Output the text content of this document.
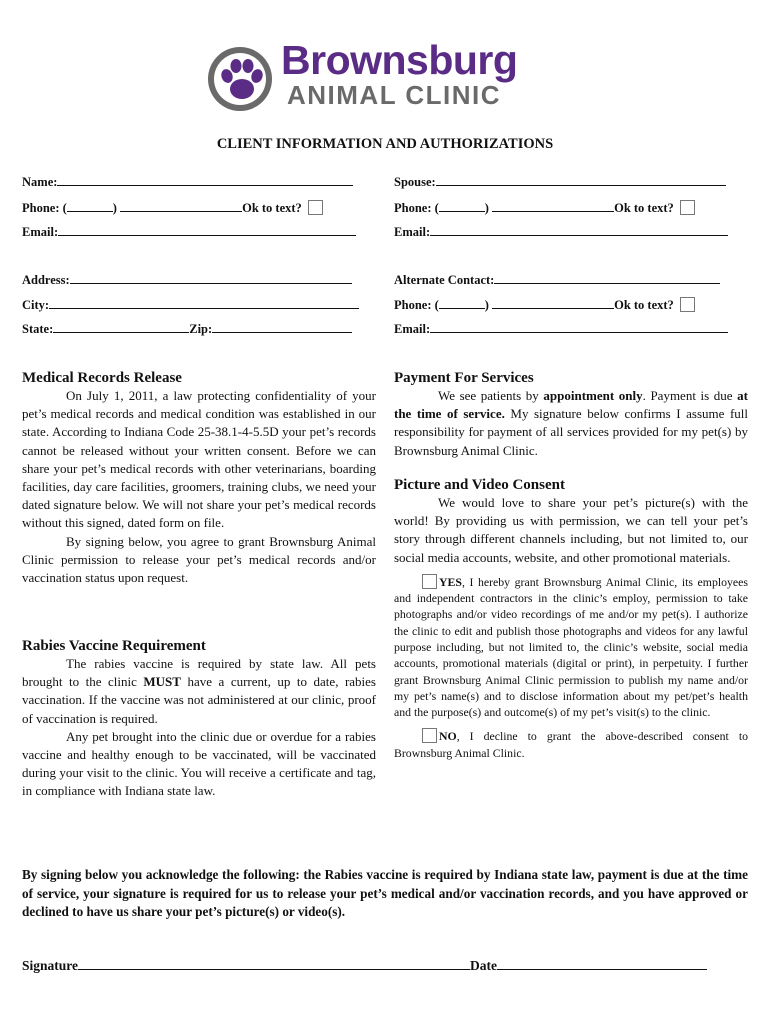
Brownsburg
ANIMAL CLINIC
CLIENT INFORMATION AND AUTHORIZATIONS
Name:
Phone: (	)	Ok to text?
Email:
Address:
City:
State:	Zip:
Spouse:
Phone: (	)	Ok to text?
Email:
Alternate Contact:
Phone: (	)	Ok to text?
Email:
Medical Records Release

On July 1, 2011, a law protecting confidentiality of your pet’s medical records and medical condition was established in our state. According to Indiana Code 25-38.1-4-5.5D your pet’s records cannot be released without your written consent. Before we can share your pet’s medical records with other veterinarians, boarding facilities, day care facilities, groomers, training clubs, we need your dated signature below. We will not share your pet’s medical records without this signed, dated form on file.

By signing below, you agree to grant Brownsburg Animal Clinic permission to release your pet’s medical records and/or vaccination status upon request.

Rabies Vaccine Requirement

The rabies vaccine is required by state law. All pets brought to the clinic MUST have a current, up to date, rabies vaccination. If the vaccine was not administered at our clinic, proof of vaccination is required.

Any pet brought into the clinic due or overdue for a rabies vaccine and healthy enough to be vaccinated, will be vaccinated during your visit to the clinic. You will receive a certificate and tag, in compliance with Indiana state law.

Payment For Services

We see patients by appointment only. Payment is due at the time of service. My signature below confirms I assume full responsibility for payment of all services provided for my pet(s) by Brownsburg Animal Clinic.

Picture and Video Consent

We would love to share your pet’s picture(s) with the world! By providing us with permission, we can tell your pet’s story through different channels including, but not limited to, our social media accounts, website, and other promotional materials.

YES, I hereby grant Brownsburg Animal Clinic, its employees and independent contractors in the clinic’s employ, permission to take photographs and/or video recordings of me and/or my pet(s). I authorize the clinic to edit and publish those photographs and videos for any lawful purpose including, but not limited to, the clinic’s website, social media accounts, promotional materials (digital or print), in perpetuity. I further grant Brownsburg Animal Clinic permission to publish my name and/or my pet’s name(s) and to disclose information about my pet/pet’s health and the purpose(s) and outcome(s) of my pet’s visit(s) to the clinic.
NO, I decline to grant the above-described consent to Brownsburg Animal Clinic.
By signing below you acknowledge the following: the Rabies vaccine is required by Indiana state law, payment is due at the time of service, your signature is required for us to release your pet’s medical and/or vaccination records, and you have approved or declined to have us share your pet’s picture(s) or video(s).
Signature	Date
